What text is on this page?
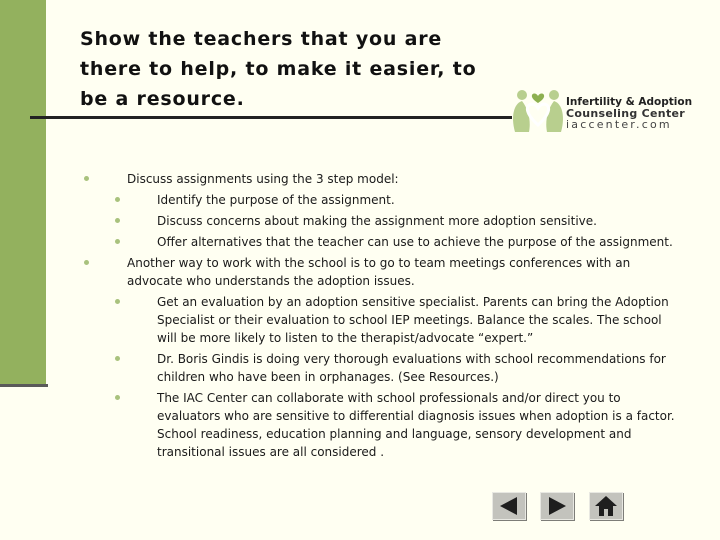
Show the teachers that you are
there to help, to make it easier, to
be a resource.	Infertility & Adoption
Counseling Center
iaccenter.com
Discuss assignments using the 3 step model:
Identify the purpose of the assignment.
Discuss concerns about making the assignment more adoption sensitive.
Offer alternatives that the teacher can use to achieve the purpose of the assignment.
Another way to work with the school is to go to team meetings conferences with an advocate who understands the adoption issues.
Get an evaluation by an adoption sensitive specialist. Parents can bring the Adoption Specialist or their evaluation to school IEP meetings. Balance the scales. The school will be more likely to listen to the therapist/advocate “expert.”
Dr. Boris Gindis is doing very thorough evaluations with school recommendations for children who have been in orphanages. (See Resources.)
The IAC Center can collaborate with school professionals and/or direct you to evaluators who are sensitive to differential diagnosis issues when adoption is a factor. School readiness, education planning and language, sensory development and transitional issues are all considered .
